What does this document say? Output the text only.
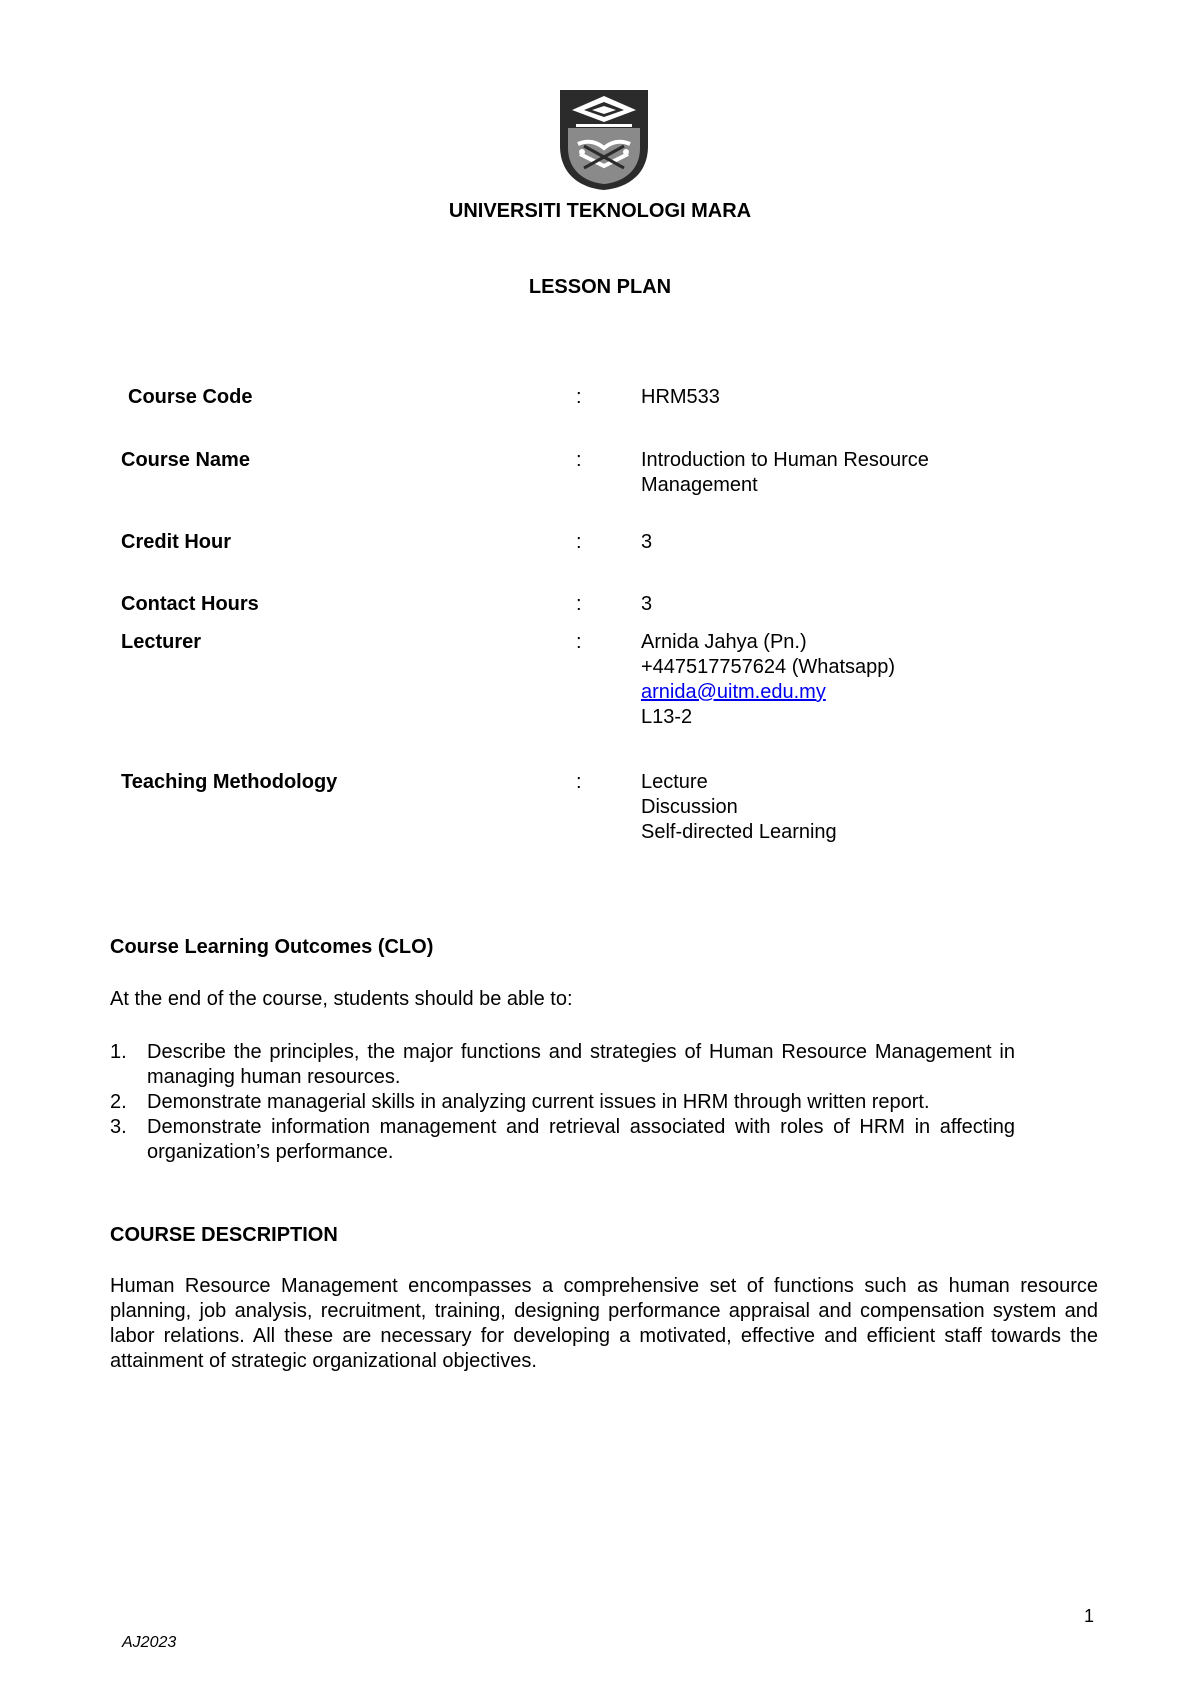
UNIVERSITI TEKNOLOGI MARA
LESSON PLAN
Course Code	:	HRM533
Course Name	:	Introduction to Human Resource
Management
Credit Hour	:	3
Contact Hours	:	3
Lecturer	:	Arnida Jahya (Pn.)
+447517757624 (Whatsapp)
arnida@uitm.edu.my
L13-2
Teaching Methodology	:	Lecture
Discussion
Self-directed Learning
Course Learning Outcomes (CLO)
At the end of the course, students should be able to:
1. Describe the principles, the major functions and strategies of Human Resource Management in managing human resources.
2. Demonstrate managerial skills in analyzing current issues in HRM through written report.
3. Demonstrate information management and retrieval associated with roles of HRM in affecting organization’s performance.
COURSE DESCRIPTION
Human Resource Management encompasses a comprehensive set of functions such as human resource planning, job analysis, recruitment, training, designing performance appraisal and compensation system and labor relations. All these are necessary for developing a motivated, effective and efficient staff towards the attainment of strategic organizational objectives.
1
AJ2023
